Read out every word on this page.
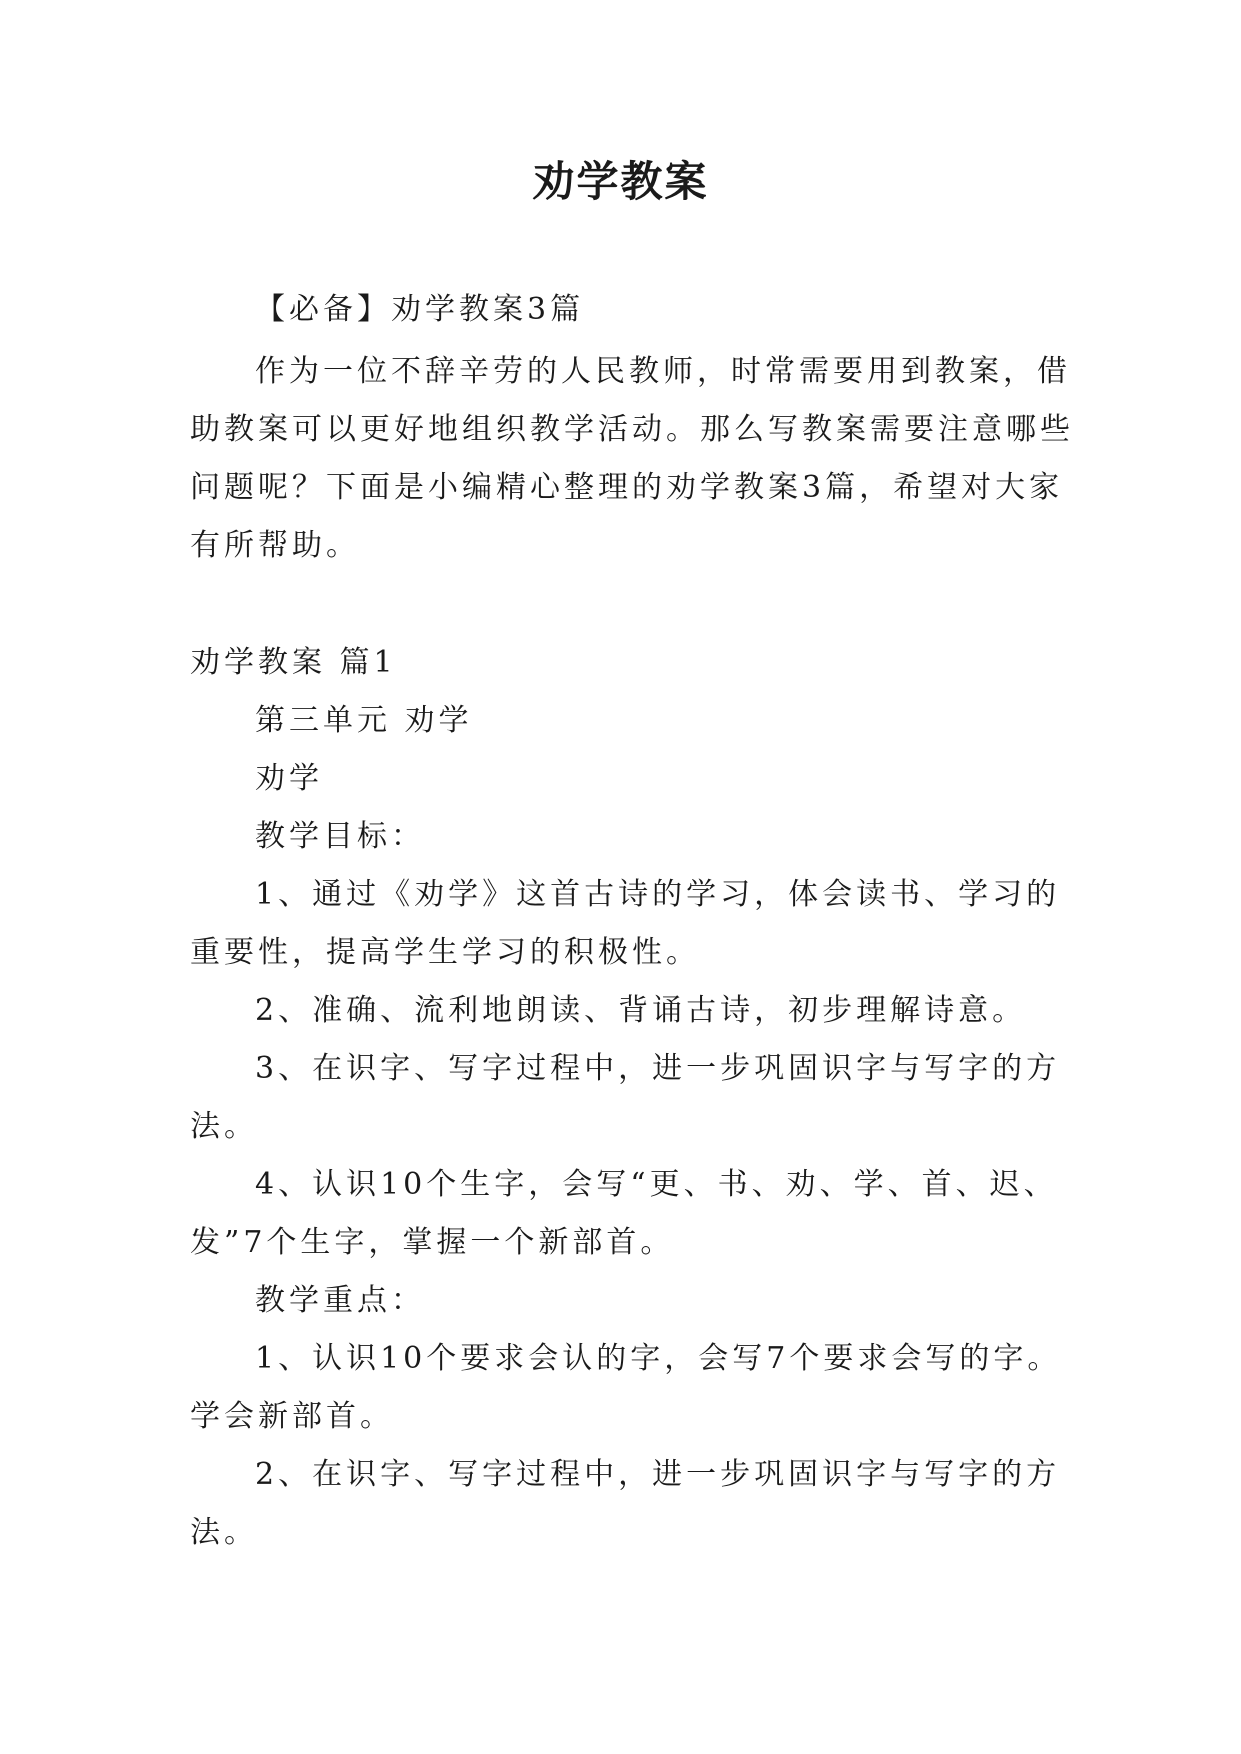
劝学教案
【必备】劝学教案3篇
作为一位不辞辛劳的人民教师，时常需要用到教案，借
助教案可以更好地组织教学活动。那么写教案需要注意哪些
问题呢？下面是小编精心整理的劝学教案3篇，希望对大家
有所帮助。
劝学教案 篇1
第三单元 劝学
劝学
教学目标：
1、通过《劝学》这首古诗的学习，体会读书、学习的
重要性，提高学生学习的积极性。
2、准确、流利地朗读、背诵古诗，初步理解诗意。
3、在识字、写字过程中，进一步巩固识字与写字的方
法。
4、认识10个生字，会写“更、书、劝、学、首、迟、
发”7个生字，掌握一个新部首。
教学重点：
1、认识10个要求会认的字，会写7个要求会写的字。
学会新部首。
2、在识字、写字过程中，进一步巩固识字与写字的方
法。
